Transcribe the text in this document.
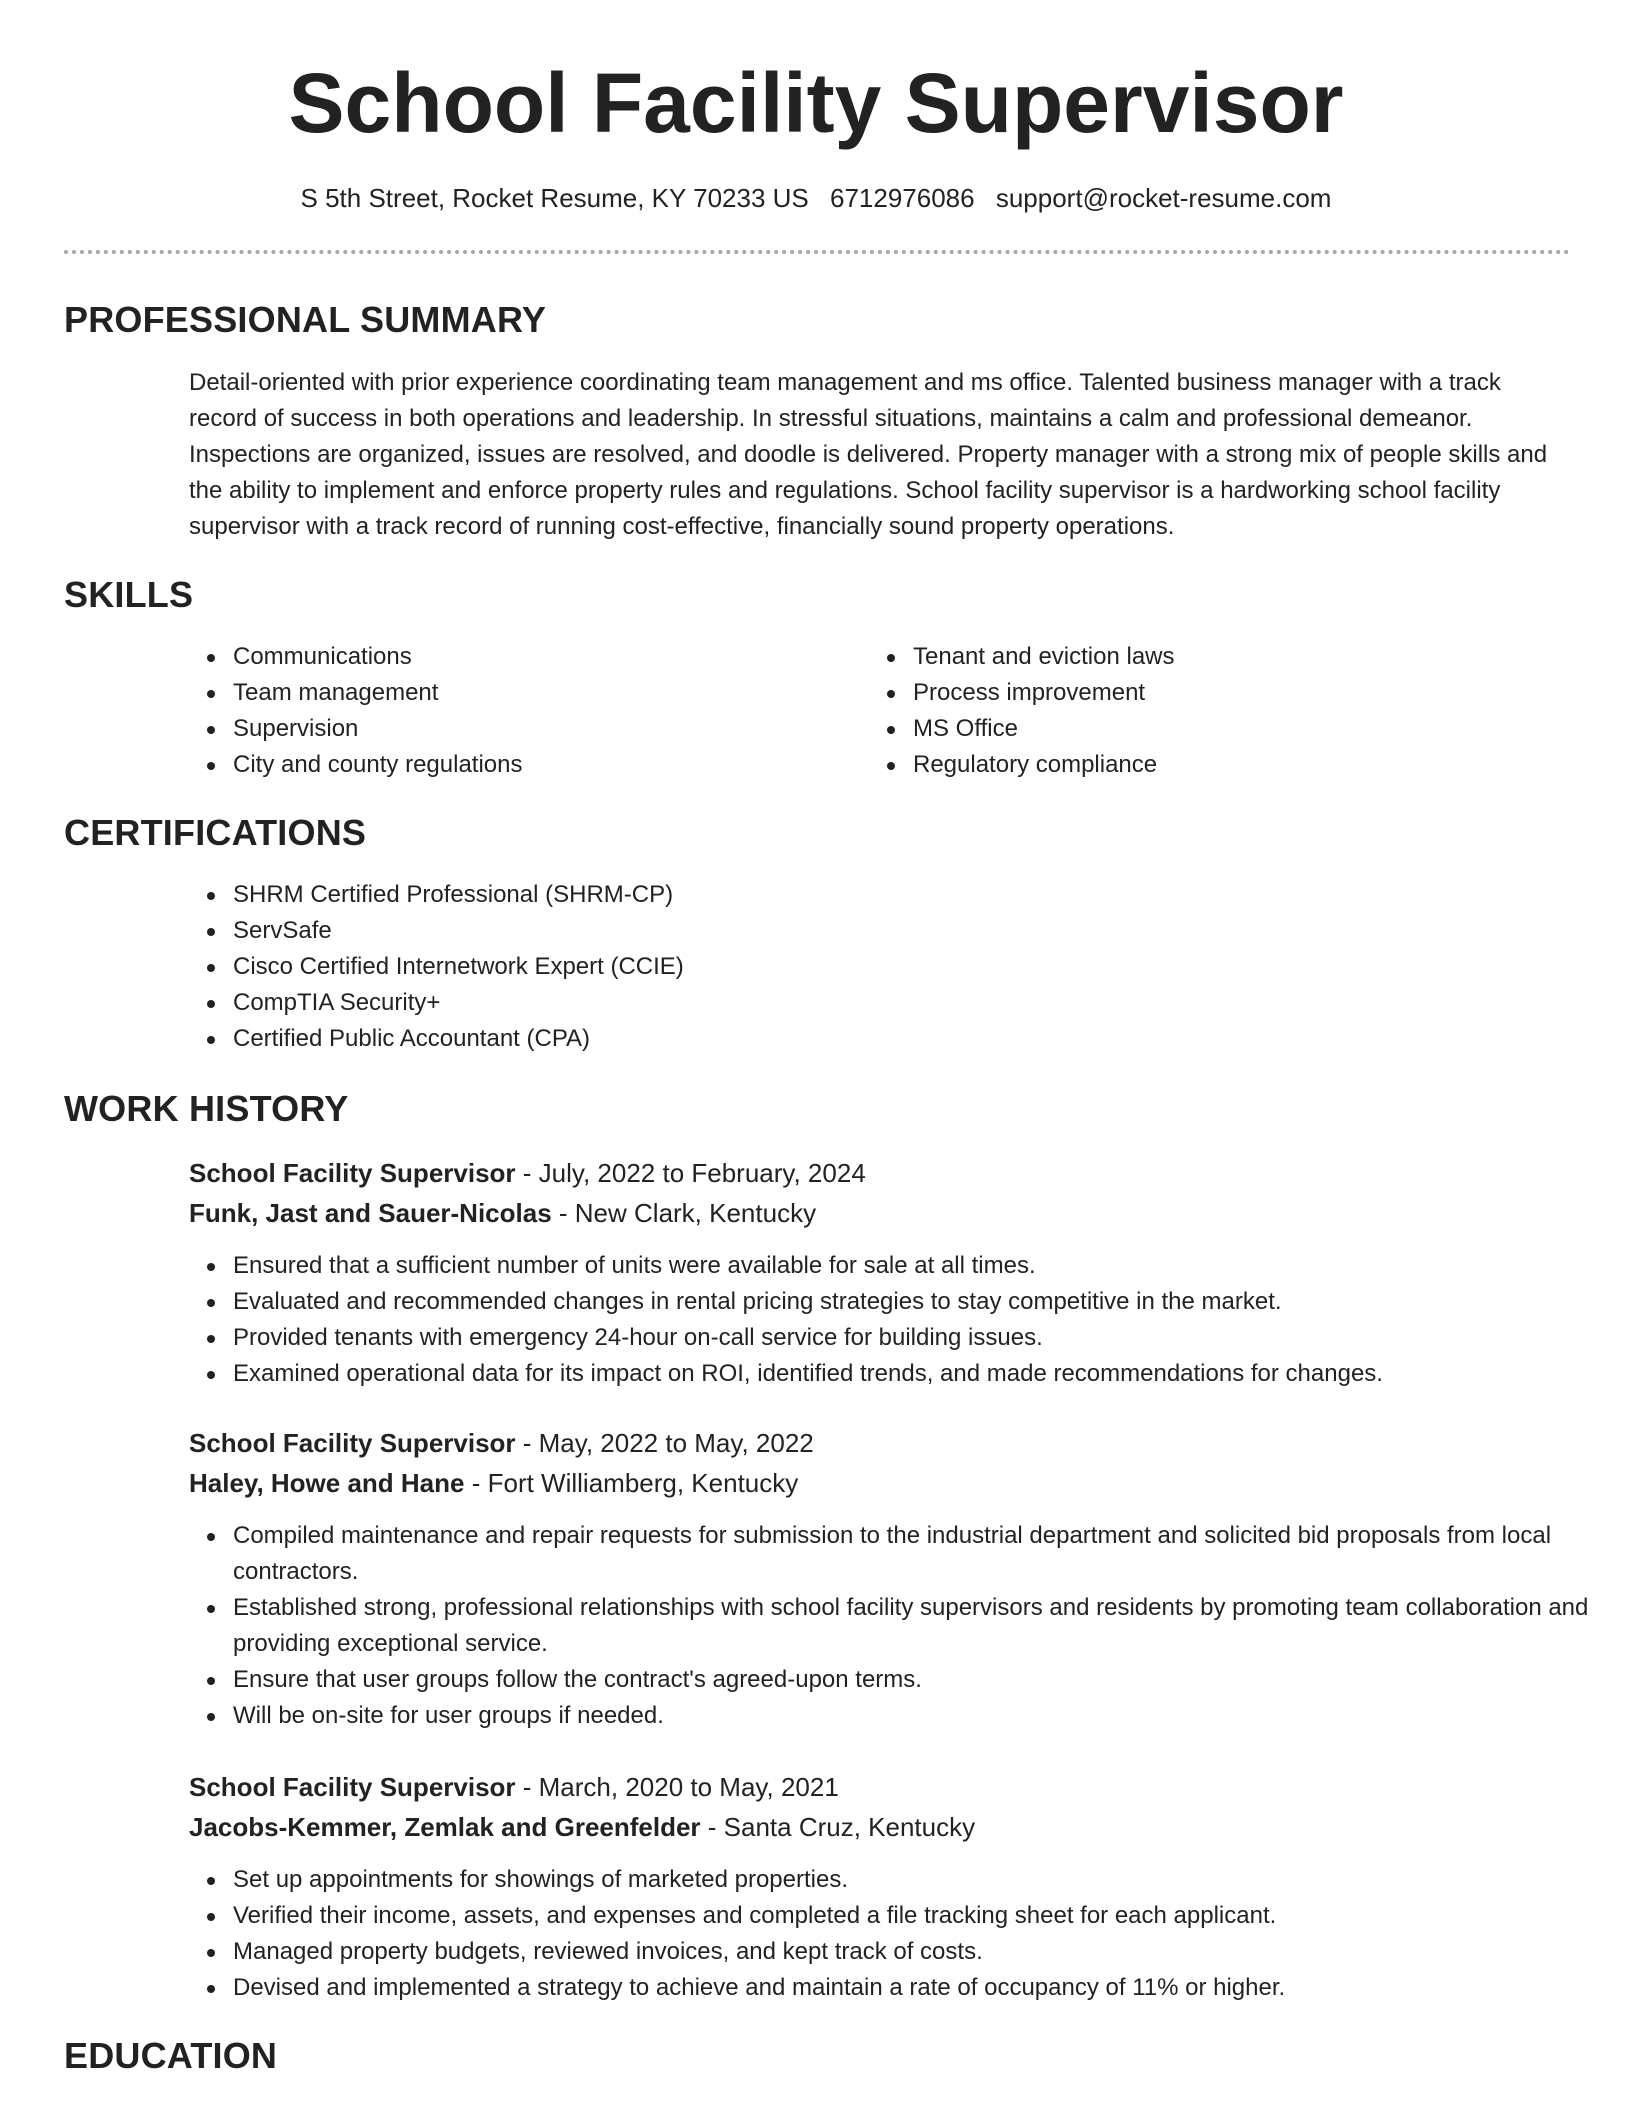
School Facility Supervisor
S 5th Street, Rocket Resume, KY 70233 US 6712976086 support@rocket-resume.com
PROFESSIONAL SUMMARY

Detail-oriented with prior experience coordinating team management and ms office. Talented business manager with a track record of success in both operations and leadership. In stressful situations, maintains a calm and professional demeanor. Inspections are organized, issues are resolved, and doodle is delivered. Property manager with a strong mix of people skills and the ability to implement and enforce property rules and regulations. School facility supervisor is a hardworking school facility supervisor with a track record of running cost-effective, financially sound property operations.

SKILLS
Communications
Team management
Supervision
City and county regulations
Tenant and eviction laws
Process improvement
MS Office
Regulatory compliance
CERTIFICATIONS
SHRM Certified Professional (SHRM-CP)
ServSafe
Cisco Certified Internetwork Expert (CCIE)
CompTIA Security+
Certified Public Accountant (CPA)
WORK HISTORY
School Facility Supervisor - July, 2022 to February, 2024
Funk, Jast and Sauer-Nicolas - New Clark, Kentucky
Ensured that a sufficient number of units were available for sale at all times.
Evaluated and recommended changes in rental pricing strategies to stay competitive in the market.
Provided tenants with emergency 24-hour on-call service for building issues.
Examined operational data for its impact on ROI, identified trends, and made recommendations for changes.
School Facility Supervisor - May, 2022 to May, 2022
Haley, Howe and Hane - Fort Williamberg, Kentucky
Compiled maintenance and repair requests for submission to the industrial department and solicited bid proposals from local contractors.
Established strong, professional relationships with school facility supervisors and residents by promoting team collaboration and providing exceptional service.
Ensure that user groups follow the contract's agreed-upon terms.
Will be on-site for user groups if needed.
School Facility Supervisor - March, 2020 to May, 2021
Jacobs-Kemmer, Zemlak and Greenfelder - Santa Cruz, Kentucky
Set up appointments for showings of marketed properties.
Verified their income, assets, and expenses and completed a file tracking sheet for each applicant.
Managed property budgets, reviewed invoices, and kept track of costs.
Devised and implemented a strategy to achieve and maintain a rate of occupancy of 11% or higher.
EDUCATION
